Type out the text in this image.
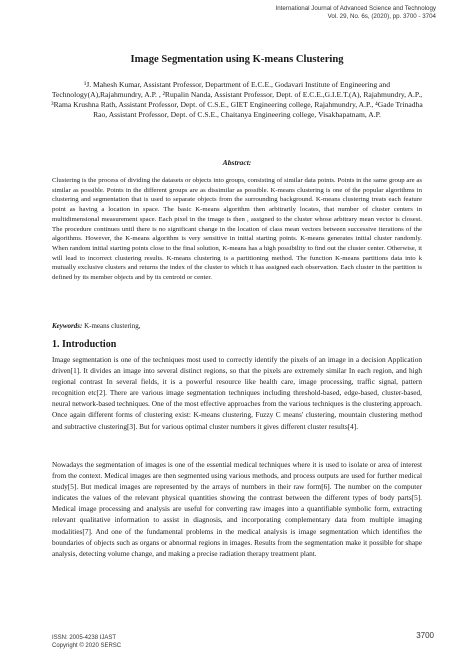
International Journal of Advanced Science and Technology
Vol. 29, No. 6s, (2020), pp. 3700 - 3704
Image Segmentation using K-means Clustering
¹J. Mahesh Kumar, Assistant Professor, Department of E.C.E., Godavari Institute of Engineering and Technology(A),Rajahmundry, A.P. , ²Rupalin Nanda, Assistant Professor, Dept. of E.C.E.,G.I.E.T.(A), Rajahmundry, A.P., ³Rama Krushna Rath, Assistant Professor, Dept. of C.S.E., GIET Engineering college, Rajahmundry, A.P., ⁴Gade Trinadha Rao, Assistant Professor, Dept. of C.S.E., Chaitanya Engineering college, Visakhapatnam, A.P.
Abstract:

Clustering is the process of dividing the datasets or objects into groups, consisting of similar data points. Points in the same group are as similar as possible. Points in the different groups are as dissimilar as possible. K-means clustering is one of the popular algorithms in clustering and segmentation that is used to separate objects from the surrounding background. K-means clustering treats each feature point as having a location in space. The basic K-means algorithm then arbitrarily locates, that number of cluster centers in multidimensional measurement space. Each pixel in the image is then , assigned to the cluster whose arbitrary mean vector is closest. The procedure continues until there is no significant change in the location of class mean vectors between successive iterations of the algorithms. However, the K-means algorithm is very sensitive in initial starting points. K-means generates initial cluster randomly. When random initial starting points close to the final solution, K-means has a high possibility to find out the cluster center. Otherwise, it will lead to incorrect clustering results. K-means clustering is a partitioning method. The function K-means partitions data into k mutually exclusive clusters and returns the index of the cluster to which it has assigned each observation. Each cluster in the partition is defined by its member objects and by its centroid or center.

Keywords: K-means clustering,
1. Introduction

Image segmentation is one of the techniques most used to correctly identify the pixels of an image in a decision Application driven[1]. It divides an image into several distinct regions, so that the pixels are extremely similar In each region, and high regional contrast In several fields, it is a powerful resource like health care, image processing, traffic signal, pattern recognition etc[2]. There are various image segmentation techniques including threshold-based, edge-based, cluster-based, neural network-based techniques. One of the most effective approaches from the various techniques is the clustering approach. Once again different forms of clustering exist: K-means clustering, Fuzzy C means' clustering, mountain clustering method and subtractive clustering[3]. But for various optimal cluster numbers it gives different cluster results[4].

Nowadays the segmentation of images is one of the essential medical techniques where it is used to isolate or area of interest from the context. Medical images are then segmented using various methods, and process outputs are used for further medical study[5]. But medical images are represented by the arrays of numbers in their raw form[6]. The number on the computer indicates the values of the relevant physical quantities showing the contrast between the different types of body parts[5]. Medical image processing and analysis are useful for converting raw images into a quantifiable symbolic form, extracting relevant qualitative information to assist in diagnosis, and incorporating complementary data from multiple imaging modalities[7]. And one of the fundamental problems in the medical analysis is image segmentation which identifies the boundaries of objects such as organs or abnormal regions in images. Results from the segmentation make it possible for shape analysis, detecting volume change, and making a precise radiation therapy treatment plant.

ISSN: 2005-4238 IJAST
Copyright © 2020 SERSC
3700
